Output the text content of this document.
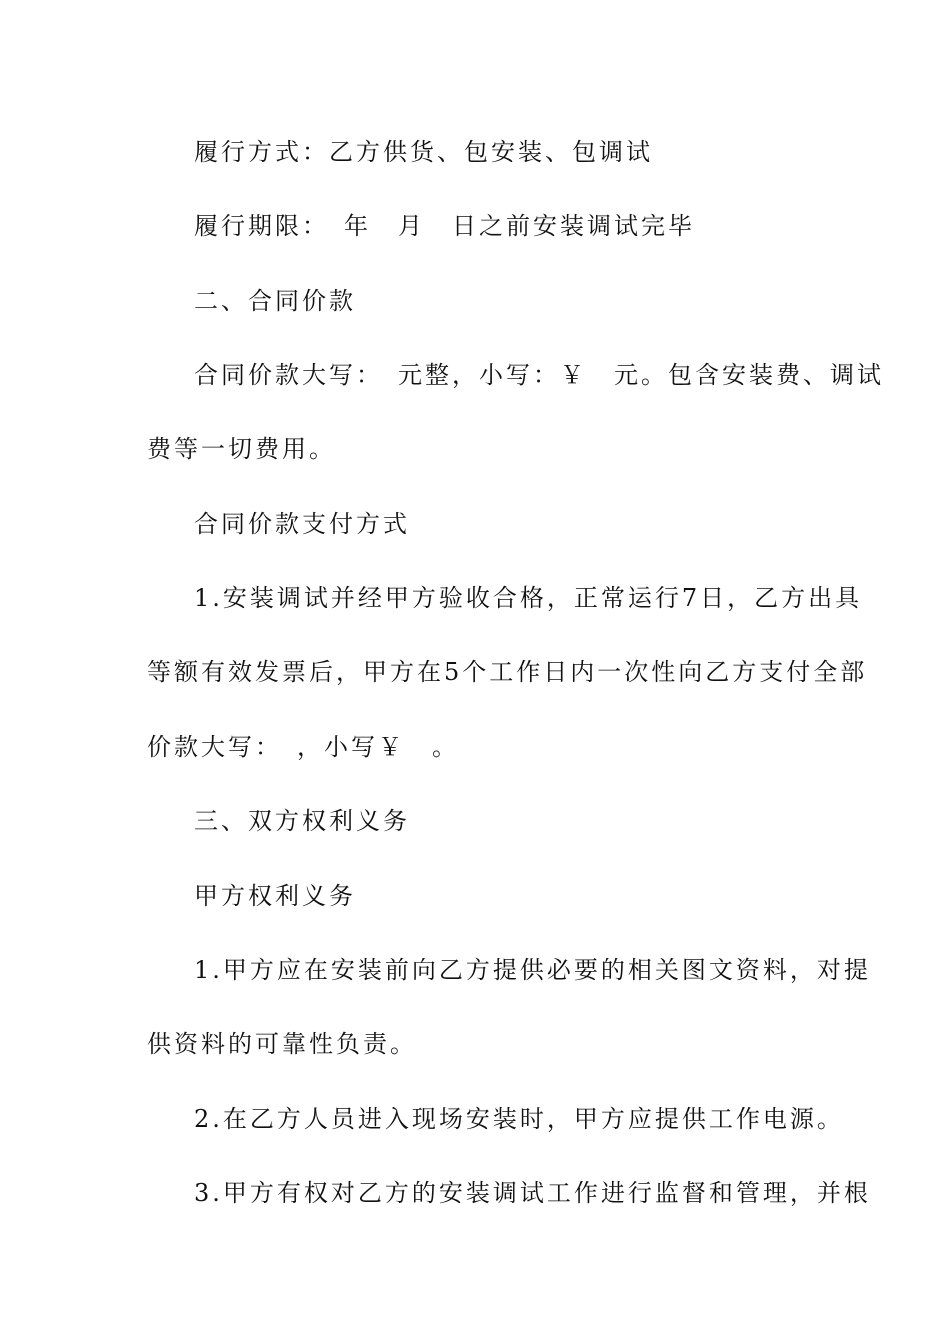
履行方式：乙方供货、包安装、包调试
履行期限：　年　月　日之前安装调试完毕
二、合同价款
合同价款大写：　元整，小写：￥　元。包含安装费、调试
费等一切费用。
合同价款支付方式
1.安装调试并经甲方验收合格，正常运行7日，乙方出具
等额有效发票后，甲方在5个工作日内一次性向乙方支付全部
价款大写：　，小写￥　。
三、双方权利义务
甲方权利义务
1.甲方应在安装前向乙方提供必要的相关图文资料，对提
供资料的可靠性负责。
2.在乙方人员进入现场安装时，甲方应提供工作电源。
3.甲方有权对乙方的安装调试工作进行监督和管理，并根
